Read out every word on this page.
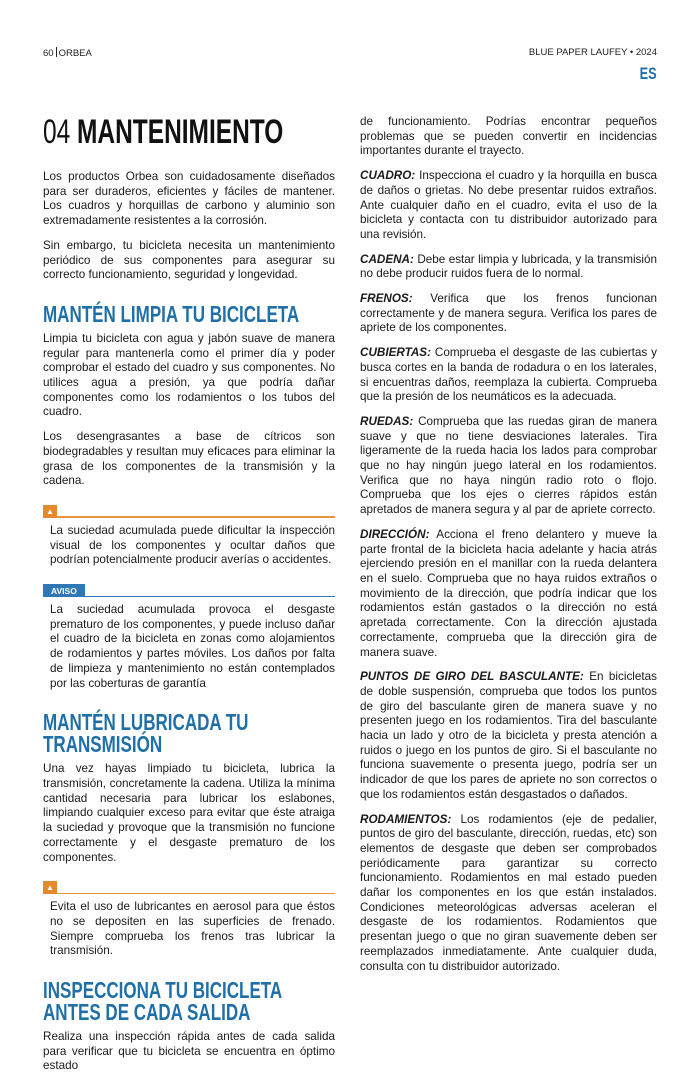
60 ORBEA	BLUE PAPER LAUFEY • 2024
ES
04 MANTENIMIENTO

Los productos Orbea son cuidadosamente diseñados para ser duraderos, eficientes y fáciles de mantener. Los cuadros y horquillas de carbono y aluminio son extremadamente resistentes a la corrosión.

Sin embargo, tu bicicleta necesita un mantenimiento periódico de sus componentes para asegurar su correcto funcionamiento, seguridad y longevidad.

MANTÉN LIMPIA TU BICICLETA

Limpia tu bicicleta con agua y jabón suave de manera regular para mantenerla como el primer día y poder comprobar el estado del cuadro y sus componentes. No utilices agua a presión, ya que podría dañar componentes como los rodamientos o los tubos del cuadro.

Los desengrasantes a base de cítricos son biodegradables y resultan muy eficaces para eliminar la grasa de los componentes de la transmisión y la cadena.

▲

La suciedad acumulada puede dificultar la inspección visual de los componentes y ocultar daños que podrían potencialmente producir averías o accidentes.

AVISO

La suciedad acumulada provoca el desgaste prematuro de los componentes, y puede incluso dañar el cuadro de la bicicleta en zonas como alojamientos de rodamientos y partes móviles. Los daños por falta de limpieza y mantenimiento no están contemplados por las coberturas de garantía

MANTÉN LUBRICADA TU TRANSMISIÓN

Una vez hayas limpiado tu bicicleta, lubrica la transmisión, concretamente la cadena. Utiliza la mínima cantidad necesaria para lubricar los eslabones, limpiando cualquier exceso para evitar que éste atraiga la suciedad y provoque que la transmisión no funcione correctamente y el desgaste prematuro de los componentes.

▲

Evita el uso de lubricantes en aerosol para que éstos no se depositen en las superficies de frenado. Siempre comprueba los frenos tras lubricar la transmisión.

INSPECCIONA TU BICICLETA ANTES DE CADA SALIDA

Realiza una inspección rápida antes de cada salida para verificar que tu bicicleta se encuentra en óptimo estado

de funcionamiento. Podrías encontrar pequeños problemas que se pueden convertir en incidencias importantes durante el trayecto.

CUADRO: Inspecciona el cuadro y la horquilla en busca de daños o grietas. No debe presentar ruidos extraños. Ante cualquier daño en el cuadro, evita el uso de la bicicleta y contacta con tu distribuidor autorizado para una revisión.

CADENA: Debe estar limpia y lubricada, y la transmisión no debe producir ruidos fuera de lo normal.

FRENOS: Verifica que los frenos funcionan correctamente y de manera segura. Verifica los pares de apriete de los componentes.

CUBIERTAS: Comprueba el desgaste de las cubiertas y busca cortes en la banda de rodadura o en los laterales, si encuentras daños, reemplaza la cubierta. Comprueba que la presión de los neumáticos es la adecuada.

RUEDAS: Comprueba que las ruedas giran de manera suave y que no tiene desviaciones laterales. Tira ligeramente de la rueda hacia los lados para comprobar que no hay ningún juego lateral en los rodamientos. Verifica que no haya ningún radio roto o flojo. Comprueba que los ejes o cierres rápidos están apretados de manera segura y al par de apriete correcto.

DIRECCIÓN: Acciona el freno delantero y mueve la parte frontal de la bicicleta hacia adelante y hacia atrás ejerciendo presión en el manillar con la rueda delantera en el suelo. Comprueba que no haya ruidos extraños o movimiento de la dirección, que podría indicar que los rodamientos están gastados o la dirección no está apretada correctamente. Con la dirección ajustada correctamente, comprueba que la dirección gira de manera suave.

PUNTOS DE GIRO DEL BASCULANTE: En bicicletas de doble suspensión, comprueba que todos los puntos de giro del basculante giren de manera suave y no presenten juego en los rodamientos. Tira del basculante hacia un lado y otro de la bicicleta y presta atención a ruidos o juego en los puntos de giro. Si el basculante no funciona suavemente o presenta juego, podría ser un indicador de que los pares de apriete no son correctos o que los rodamientos están desgastados o dañados.

RODAMIENTOS: Los rodamientos (eje de pedalier, puntos de giro del basculante, dirección, ruedas, etc) son elementos de desgaste que deben ser comprobados periódicamente para garantizar su correcto funcionamiento. Rodamientos en mal estado pueden dañar los componentes en los que están instalados. Condiciones meteorológicas adversas aceleran el desgaste de los rodamientos. Rodamientos que presentan juego o que no giran suavemente deben ser reemplazados inmediatamente. Ante cualquier duda, consulta con tu distribuidor autorizado.
